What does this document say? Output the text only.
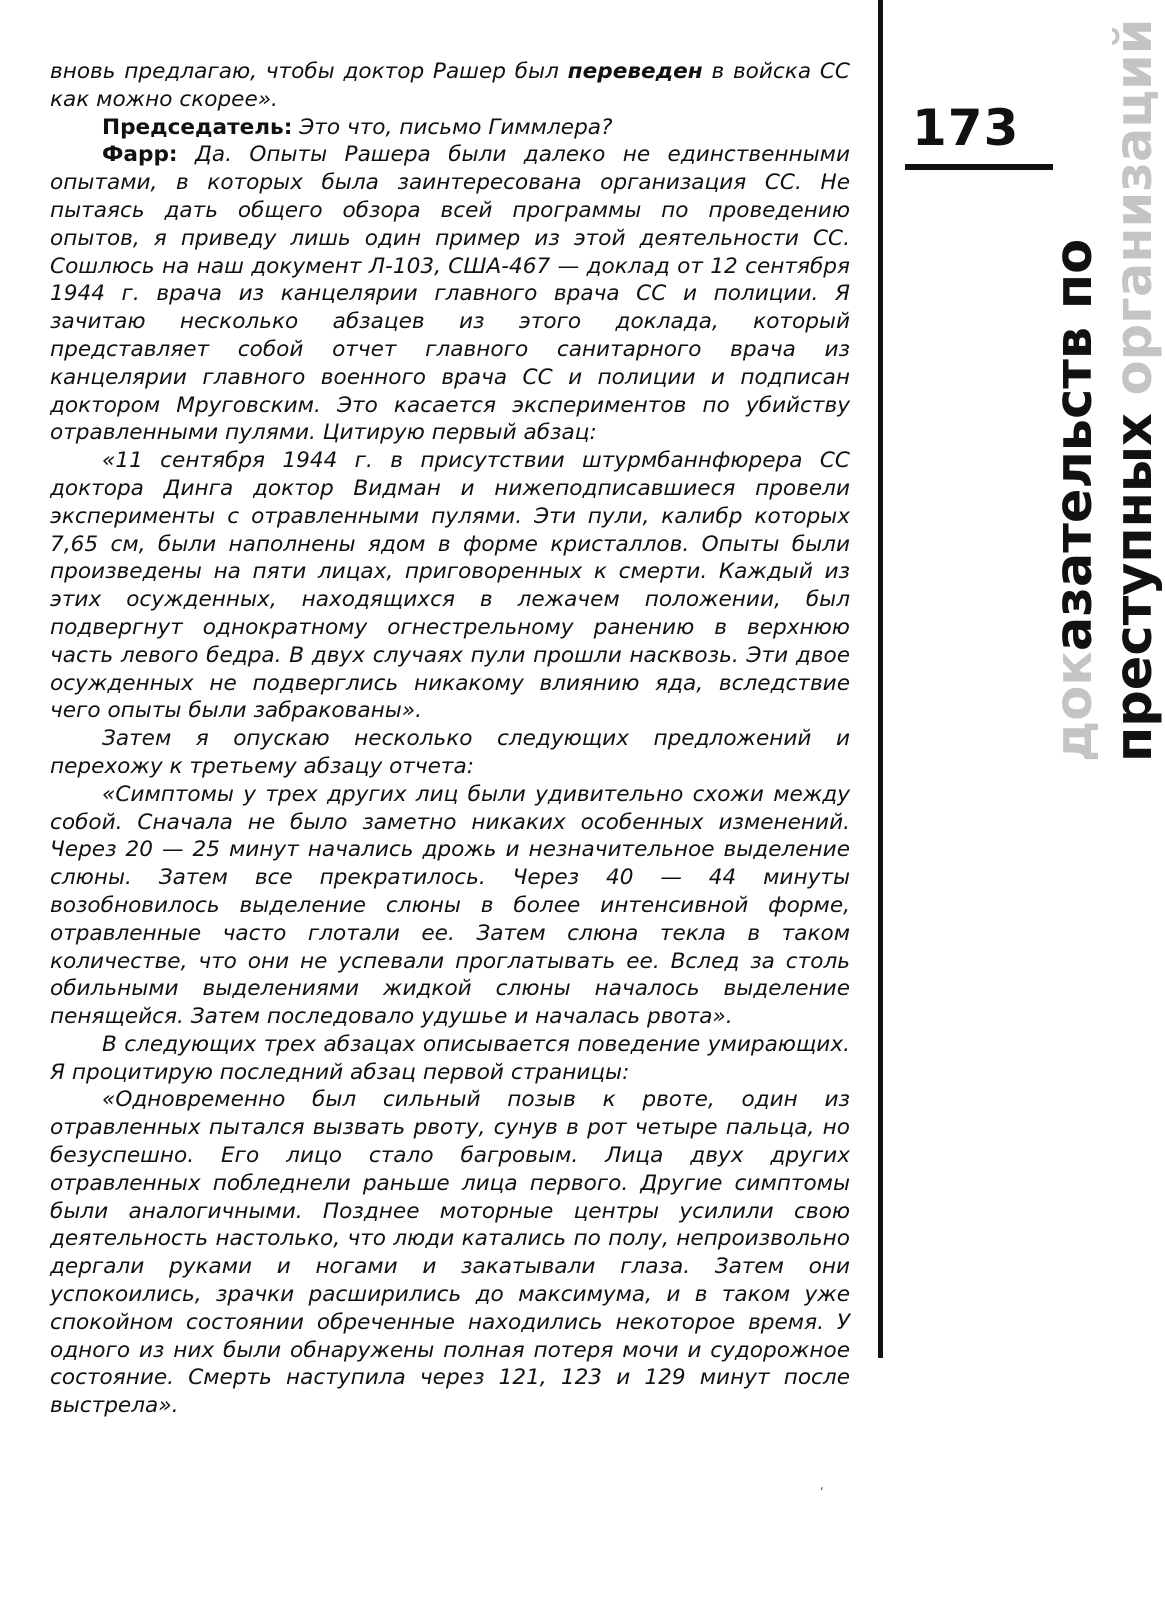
173
доказательств по преступных организаций

вновь предлагаю, чтобы доктор Рашер был переведен в войска СС как можно скорее».

Председатель: Это что, письмо Гиммлера?

Фарр: Да. Опыты Рашера были далеко не единственными опытами, в которых была заинтересована организация СС. Не пытаясь дать общего обзора всей программы по проведению опытов, я приведу лишь один пример из этой деятельности СС. Сошлюсь на наш документ Л-103, США-467 — доклад от 12 сентября 1944 г. врача из канцелярии главного врача СС и полиции. Я зачитаю несколько абзацев из этого доклада, который представляет собой отчет главного санитарного врача из канцелярии главного военного врача СС и полиции и подписан доктором Мруговским. Это касается экспериментов по убийству отравленными пулями. Цитирую первый абзац:

«11 сентября 1944 г. в присутствии штурмбаннфюрера СС доктора Динга доктор Видман и нижеподписавшиеся провели эксперименты с отравленными пулями. Эти пули, калибр которых 7,65 см, были наполнены ядом в форме кристаллов. Опыты были произведены на пяти лицах, приговоренных к смерти. Каждый из этих осужденных, находящихся в лежачем положении, был подвергнут однократному огнестрельному ранению в верхнюю часть левого бедра. В двух случаях пули прошли насквозь. Эти двое осужденных не подверглись никакому влиянию яда, вследствие чего опыты были забракованы».

Затем я опускаю несколько следующих предложений и перехожу к третьему абзацу отчета:

«Симптомы у трех других лиц были удивительно схожи между собой. Сначала не было заметно никаких особенных изменений. Через 20 — 25 минут начались дрожь и незначительное выделение слюны. Затем все прекратилось. Через 40 — 44 минуты возобновилось выделение слюны в более интенсивной форме, отравленные часто глотали ее. Затем слюна текла в таком количестве, что они не успевали проглатывать ее. Вслед за столь обильными выделениями жидкой слюны началось выделение пенящейся. Затем последовало удушье и началась рвота».

В следующих трех абзацах описывается поведение умирающих. Я процитирую последний абзац первой страницы:

«Одновременно был сильный позыв к рвоте, один из отравленных пытался вызвать рвоту, сунув в рот четыре пальца, но безуспешно. Его лицо стало багровым. Лица двух других отравленных побледнели раньше лица первого. Другие симптомы были аналогичными. Позднее моторные центры усилили свою деятельность настолько, что люди катались по полу, непроизвольно дергали руками и ногами и закатывали глаза. Затем они успокоились, зрачки расширились до максимума, и в таком уже спокойном состоянии обреченные находились некоторое время. У одного из них были обнаружены полная потеря мочи и судорожное состояние. Смерть наступила через 121, 123 и 129 минут после выстрела».

ʻ
